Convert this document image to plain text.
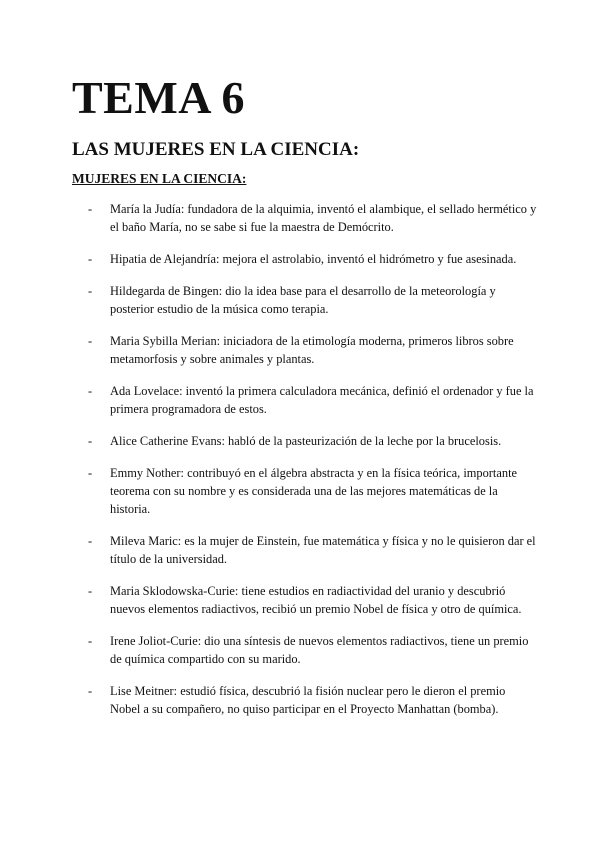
TEMA 6
LAS MUJERES EN LA CIENCIA:
MUJERES EN LA CIENCIA:
- María la Judía: fundadora de la alquimia, inventó el alambique, el sellado hermético y el baño María, no se sabe si fue la maestra de Demócrito.
- Hipatia de Alejandría: mejora el astrolabio, inventó el hidrómetro y fue asesinada.
- Hildegarda de Bingen: dio la idea base para el desarrollo de la meteorología y posterior estudio de la música como terapia.
- Maria Sybilla Merian: iniciadora de la etimología moderna, primeros libros sobre metamorfosis y sobre animales y plantas.
- Ada Lovelace: inventó la primera calculadora mecánica, definió el ordenador y fue la primera programadora de estos.
- Alice Catherine Evans: habló de la pasteurización de la leche por la brucelosis.
- Emmy Nother: contribuyó en el álgebra abstracta y en la física teórica, importante teorema con su nombre y es considerada una de las mejores matemáticas de la historia.
- Mileva Maric: es la mujer de Einstein, fue matemática y física y no le quisieron dar el título de la universidad.
- Maria Sklodowska-Curie: tiene estudios en radiactividad del uranio y descubrió nuevos elementos radiactivos, recibió un premio Nobel de física y otro de química.
- Irene Joliot-Curie: dio una síntesis de nuevos elementos radiactivos, tiene un premio de química compartido con su marido.
- Lise Meitner: estudió física, descubrió la fisión nuclear pero le dieron el premio Nobel a su compañero, no quiso participar en el Proyecto Manhattan (bomba).
